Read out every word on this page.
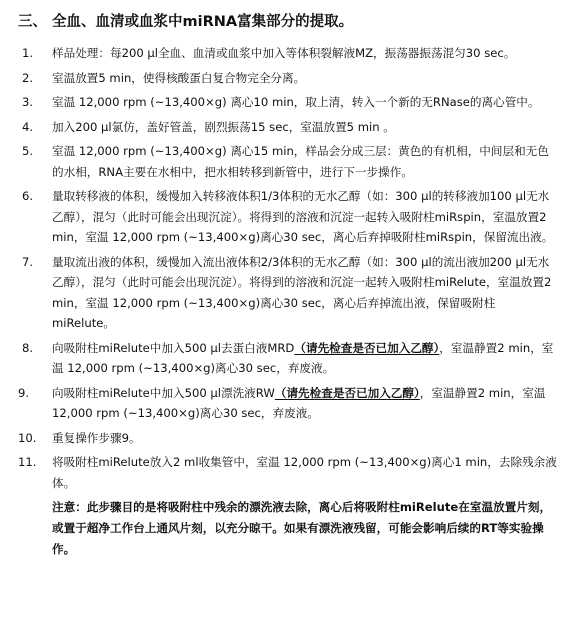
三、 全血、血清或血浆中miRNA富集部分的提取。
1.	样品处理：每200 µl全血、血清或血浆中加入等体积裂解液MZ，振荡器振荡混匀30 sec。
2.	室温放置5 min，使得核酸蛋白复合物完全分离。
3.	室温 12,000 rpm (~13,400×g) 离心10 min，取上清，转入一个新的无RNase的离心管中。
4.	加入200 µl氯仿，盖好管盖，剧烈振荡15 sec，室温放置5 min 。
5.	室温 12,000 rpm (~13,400×g) 离心15 min，样品会分成三层：黄色的有机相，中间层和无色的水相，RNA主要在水相中，把水相转移到新管中，进行下一步操作。
6.	量取转移液的体积，缓慢加入转移液体积1/3体积的无水乙醇（如：300 µl的转移液加100 µl无水乙醇），混匀（此时可能会出现沉淀）。将得到的溶液和沉淀一起转入吸附柱miRspin，室温放置2 min，室温 12,000 rpm (~13,400×g)离心30 sec，离心后弃掉吸附柱miRspin，保留流出液。
7.	量取流出液的体积，缓慢加入流出液体积2/3体积的无水乙醇（如：300 µl的流出液加200 µl无水乙醇），混匀（此时可能会出现沉淀）。将得到的溶液和沉淀一起转入吸附柱miRelute，室温放置2 min，室温 12,000 rpm (~13,400×g)离心30 sec，离心后弃掉流出液，保留吸附柱miRelute。
8.	向吸附柱miRelute中加入500 µl去蛋白液MRD（请先检查是否已加入乙醇），室温静置2 min，室温 12,000 rpm (~13,400×g)离心30 sec，弃废液。
9.	向吸附柱miRelute中加入500 µl漂洗液RW（请先检查是否已加入乙醇），室温静置2 min，室温 12,000 rpm (~13,400×g)离心30 sec，弃废液。
10.	重复操作步骤9。
11.	将吸附柱miRelute放入2 ml收集管中，室温 12,000 rpm (~13,400×g)离心1 min，去除残余液体。

注意：此步骤目的是将吸附柱中残余的漂洗液去除，离心后将吸附柱miRelute在室温放置片刻，或置于超净工作台上通风片刻，以充分晾干。如果有漂洗液残留，可能会影响后续的RT等实验操作。
